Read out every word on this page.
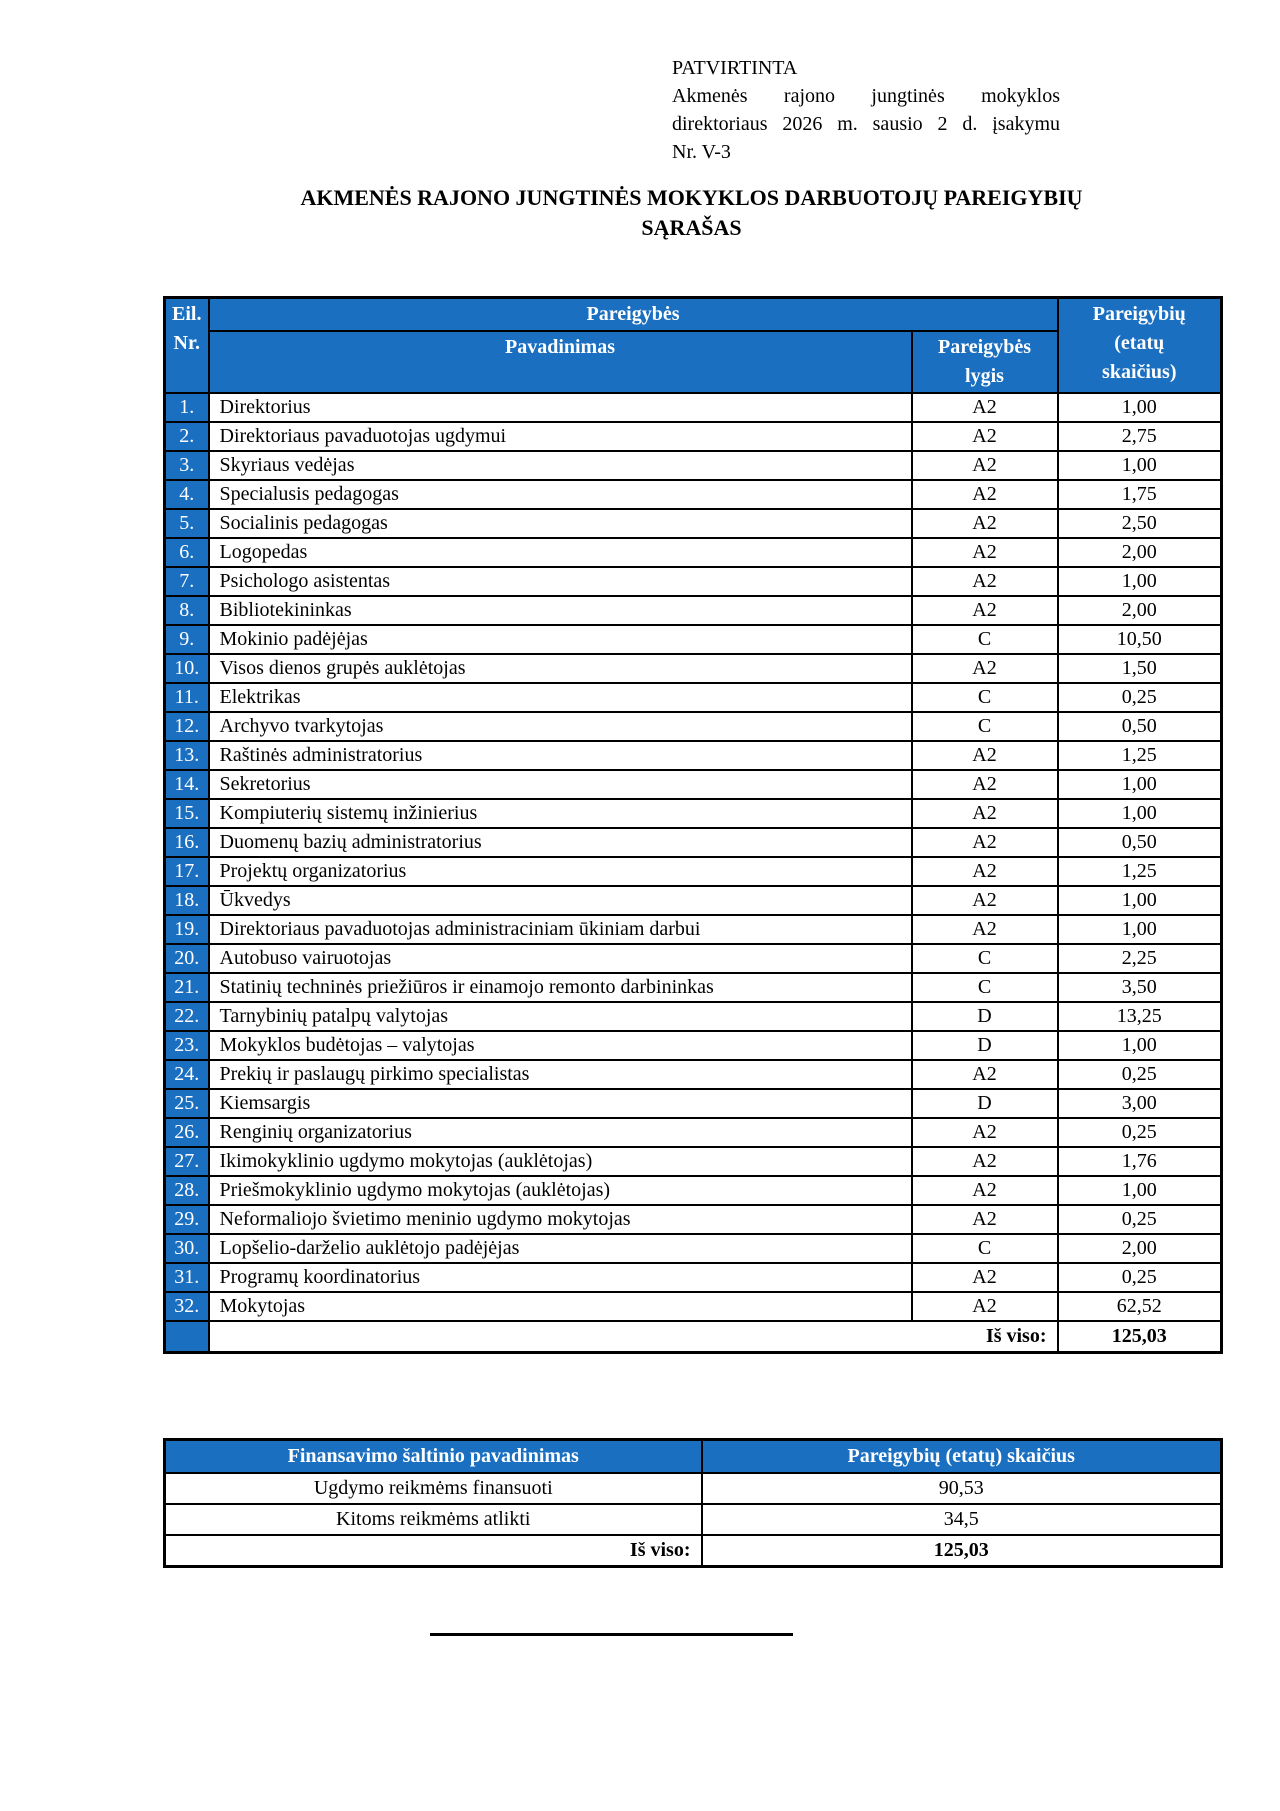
PATVIRTINTA
Akmenės rajono jungtinės mokyklos
direktoriaus 2026 m. sausio 2 d. įsakymu
Nr. V-3
AKMENĖS RAJONO JUNGTINĖS MOKYKLOS DARBUOTOJŲ PAREIGYBIŲ
SĄRAŠAS
Eil.
Nr.	Pareigybės		Pareigybių
(etatų
skaičius)
	Pavadinimas	Pareigybės
lygis	
1.	Direktorius	A2	1,00
2.	Direktoriaus pavaduotojas ugdymui	A2	2,75
3.	Skyriaus vedėjas	A2	1,00
4.	Specialusis pedagogas	A2	1,75
5.	Socialinis pedagogas	A2	2,50
6.	Logopedas	A2	2,00
7.	Psichologo asistentas	A2	1,00
8.	Bibliotekininkas	A2	2,00
9.	Mokinio padėjėjas	C	10,50
10.	Visos dienos grupės auklėtojas	A2	1,50
11.	Elektrikas	C	0,25
12.	Archyvo tvarkytojas	C	0,50
13.	Raštinės administratorius	A2	1,25
14.	Sekretorius	A2	1,00
15.	Kompiuterių sistemų inžinierius	A2	1,00
16.	Duomenų bazių administratorius	A2	0,50
17.	Projektų organizatorius	A2	1,25
18.	Ūkvedys	A2	1,00
19.	Direktoriaus pavaduotojas administraciniam ūkiniam darbui	A2	1,00
20.	Autobuso vairuotojas	C	2,25
21.	Statinių techninės priežiūros ir einamojo remonto darbininkas	C	3,50
22.	Tarnybinių patalpų valytojas	D	13,25
23.	Mokyklos budėtojas – valytojas	D	1,00
24.	Prekių ir paslaugų pirkimo specialistas	A2	0,25
25.	Kiemsargis	D	3,00
26.	Renginių organizatorius	A2	0,25
27.	Ikimokyklinio ugdymo mokytojas (auklėtojas)	A2	1,76
28.	Priešmokyklinio ugdymo mokytojas (auklėtojas)	A2	1,00
29.	Neformaliojo švietimo meninio ugdymo mokytojas	A2	0,25
30.	Lopšelio-darželio auklėtojo padėjėjas	C	2,00
31.	Programų koordinatorius	A2	0,25
32.	Mokytojas	A2	62,52
	Iš viso:		125,03
Finansavimo šaltinio pavadinimas	Pareigybių (etatų) skaičius
Ugdymo reikmėms finansuoti	90,53
Kitoms reikmėms atlikti	34,5
Iš viso:	125,03
